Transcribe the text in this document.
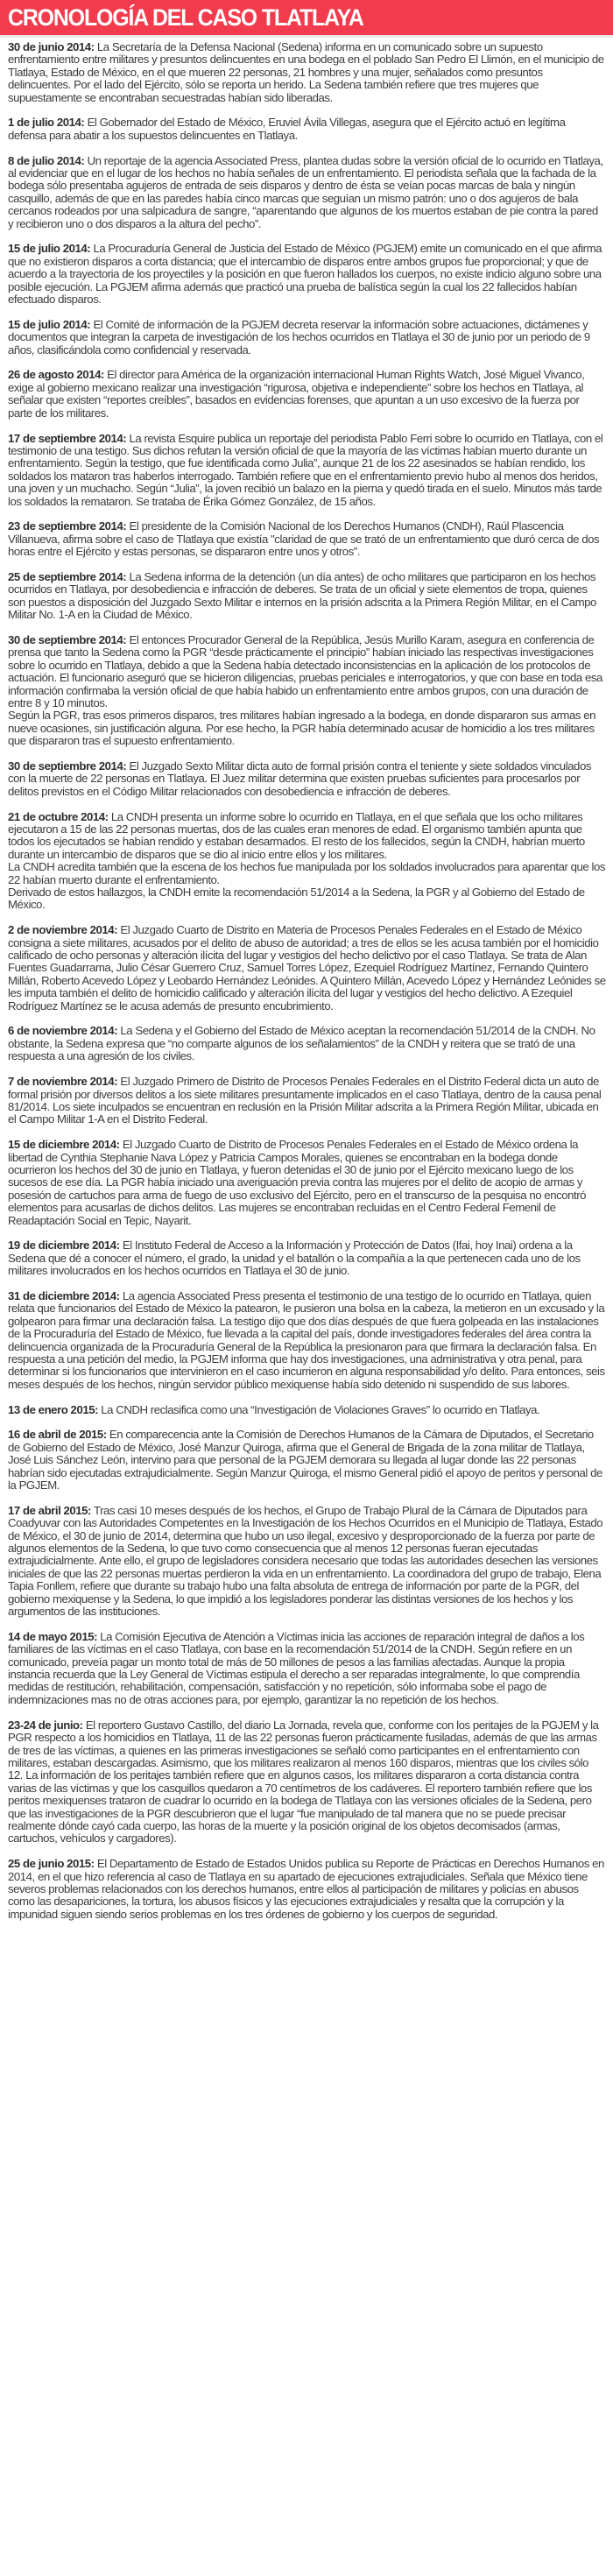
CRONOLOGÍA DEL CASO TLATLAYA

30 de junio 2014: La Secretaría de la Defensa Nacional (Sedena) informa en un comunicado sobre un supuesto enfrentamiento entre militares y presuntos delincuentes en una bodega en el poblado San Pedro El Llimón, en el municipio de Tlatlaya, Estado de México, en el que mueren 22 personas, 21 hombres y una mujer, señalados como presuntos delincuentes. Por el lado del Ejército, sólo se reporta un herido. La Sedena también refiere que tres mujeres que supuestamente se encontraban secuestradas habían sido liberadas.

1 de julio 2014: El Gobernador del Estado de México, Eruviel Ávila Villegas, asegura que el Ejército actuó en legítima defensa para abatir a los supuestos delincuentes en Tlatlaya.

8 de julio 2014: Un reportaje de la agencia Associated Press, plantea dudas sobre la versión oficial de lo ocurrido en Tlatlaya, al evidenciar que en el lugar de los hechos no había señales de un enfrentamiento. El periodista señala que la fachada de la bodega sólo presentaba agujeros de entrada de seis disparos y dentro de ésta se veían pocas marcas de bala y ningún casquillo, además de que en las paredes había cinco marcas que seguían un mismo patrón: uno o dos agujeros de bala cercanos rodeados por una salpicadura de sangre, “aparentando que algunos de los muertos estaban de pie contra la pared y recibieron uno o dos disparos a la altura del pecho”.

15 de julio 2014: La Procuraduría General de Justicia del Estado de México (PGJEM) emite un comunicado en el que afirma que no existieron disparos a corta distancia; que el intercambio de disparos entre ambos grupos fue proporcional; y que de acuerdo a la trayectoria de los proyectiles y la posición en que fueron hallados los cuerpos, no existe indicio alguno sobre una posible ejecución. La PGJEM afirma además que practicó una prueba de balística según la cual los 22 fallecidos habían efectuado disparos.

15 de julio 2014: El Comité de información de la PGJEM decreta reservar la información sobre actuaciones, dictámenes y documentos que integran la carpeta de investigación de los hechos ocurridos en Tlatlaya el 30 de junio por un periodo de 9 años, clasificándola como confidencial y reservada.

26 de agosto 2014: El director para América de la organización internacional Human Rights Watch, José Miguel Vivanco, exige al gobierno mexicano realizar una investigación “rigurosa, objetiva e independiente” sobre los hechos en Tlatlaya, al señalar que existen “reportes creíbles”, basados en evidencias forenses, que apuntan a un uso excesivo de la fuerza por parte de los militares.

17 de septiembre 2014: La revista Esquire publica un reportaje del periodista Pablo Ferri sobre lo ocurrido en Tlatlaya, con el testimonio de una testigo. Sus dichos refutan la versión oficial de que la mayoría de las víctimas habían muerto durante un enfrentamiento. Según la testigo, que fue identificada como Julia”, aunque 21 de los 22 asesinados se habían rendido, los soldados los mataron tras haberlos interrogado. También refiere que en el enfrentamiento previo hubo al menos dos heridos, una joven y un muchacho. Según “Julia”, la joven recibió un balazo en la pierna y quedó tirada en el suelo. Minutos más tarde los soldados la remataron. Se trataba de Érika Gómez González, de 15 años.

23 de septiembre 2014: El presidente de la Comisión Nacional de los Derechos Humanos (CNDH), Raúl Plascencia Villanueva, afirma sobre el caso de Tlatlaya que existía "claridad de que se trató de un enfrentamiento que duró cerca de dos horas entre el Ejército y estas personas, se dispararon entre unos y otros”.

25 de septiembre 2014: La Sedena informa de la detención (un día antes) de ocho militares que participaron en los hechos ocurridos en Tlatlaya, por desobediencia e infracción de deberes. Se trata de un oficial y siete elementos de tropa, quienes son puestos a disposición del Juzgado Sexto Militar e internos en la prisión adscrita a la Primera Región Militar, en el Campo Militar No. 1-A en la Ciudad de México.

30 de septiembre 2014: El entonces Procurador General de la República, Jesús Murillo Karam, asegura en conferencia de prensa que tanto la Sedena como la PGR “desde prácticamente el principio” habían iniciado las respectivas investigaciones sobre lo ocurrido en Tlatlaya, debido a que la Sedena había detectado inconsistencias en la aplicación de los protocolos de actuación. El funcionario aseguró que se hicieron diligencias, pruebas periciales e interrogatorios, y que con base en toda esa información confirmaba la versión oficial de que había habido un enfrentamiento entre ambos grupos, con una duración de entre 8 y 10 minutos.
Según la PGR, tras esos primeros disparos, tres militares habían ingresado a la bodega, en donde dispararon sus armas en nueve ocasiones, sin justificación alguna. Por ese hecho, la PGR había determinado acusar de homicidio a los tres militares que dispararon tras el supuesto enfrentamiento.

30 de septiembre 2014: El Juzgado Sexto Militar dicta auto de formal prisión contra el teniente y siete soldados vinculados con la muerte de 22 personas en Tlatlaya. El Juez militar determina que existen pruebas suficientes para procesarlos por delitos previstos en el Código Militar relacionados con desobediencia e infracción de deberes.

21 de octubre 2014: La CNDH presenta un informe sobre lo ocurrido en Tlatlaya, en el que señala que los ocho militares ejecutaron a 15 de las 22 personas muertas, dos de las cuales eran menores de edad. El organismo también apunta que todos los ejecutados se habían rendido y estaban desarmados. El resto de los fallecidos, según la CNDH, habrían muerto durante un intercambio de disparos que se dio al inicio entre ellos y los militares.
La CNDH acredita también que la escena de los hechos fue manipulada por los soldados involucrados para aparentar que los 22 habían muerto durante el enfrentamiento.
Derivado de estos hallazgos, la CNDH emite la recomendación 51/2014 a la Sedena, la PGR y al Gobierno del Estado de México.

2 de noviembre 2014: El Juzgado Cuarto de Distrito en Materia de Procesos Penales Federales en el Estado de México consigna a siete militares, acusados por el delito de abuso de autoridad; a tres de ellos se les acusa también por el homicidio calificado de ocho personas y alteración ilícita del lugar y vestigios del hecho delictivo por el caso Tlatlaya. Se trata de Alan Fuentes Guadarrama, Julio César Guerrero Cruz, Samuel Torres López, Ezequiel Rodríguez Martínez, Fernando Quintero Millán, Roberto Acevedo López y Leobardo Hernández Leónides. A Quintero Millán, Acevedo López y Hernández Leónides se les imputa también el delito de homicidio calificado y alteración ilícita del lugar y vestigios del hecho delictivo. A Ezequiel Rodríguez Martínez se le acusa además de presunto encubrimiento.

6 de noviembre 2014: La Sedena y el Gobierno del Estado de México aceptan la recomendación 51/2014 de la CNDH. No obstante, la Sedena expresa que “no comparte algunos de los señalamientos” de la CNDH y reitera que se trató de una respuesta a una agresión de los civiles.

7 de noviembre 2014: El Juzgado Primero de Distrito de Procesos Penales Federales en el Distrito Federal dicta un auto de formal prisión por diversos delitos a los siete militares presuntamente implicados en el caso Tlatlaya, dentro de la causa penal 81/2014. Los siete inculpados se encuentran en reclusión en la Prisión Militar adscrita a la Primera Región Militar, ubicada en el Campo Militar 1-A en el Distrito Federal.

15 de diciembre 2014: El Juzgado Cuarto de Distrito de Procesos Penales Federales en el Estado de México ordena la libertad de Cynthia Stephanie Nava López y Patricia Campos Morales, quienes se encontraban en la bodega donde ocurrieron los hechos del 30 de junio en Tlatlaya, y fueron detenidas el 30 de junio por el Ejército mexicano luego de los sucesos de ese día. La PGR había iniciado una averiguación previa contra las mujeres por el delito de acopio de armas y posesión de cartuchos para arma de fuego de uso exclusivo del Ejército, pero en el transcurso de la pesquisa no encontró elementos para acusarlas de dichos delitos. Las mujeres se encontraban recluidas en el Centro Federal Femenil de Readaptación Social en Tepic, Nayarit.

19 de diciembre 2014: El Instituto Federal de Acceso a la Información y Protección de Datos (Ifai, hoy Inai) ordena a la Sedena que dé a conocer el número, el grado, la unidad y el batallón o la compañía a la que pertenecen cada uno de los militares involucrados en los hechos ocurridos en Tlatlaya el 30 de junio.

31 de diciembre 2014: La agencia Associated Press presenta el testimonio de una testigo de lo ocurrido en Tlatlaya, quien relata que funcionarios del Estado de México la patearon, le pusieron una bolsa en la cabeza, la metieron en un excusado y la golpearon para firmar una declaración falsa. La testigo dijo que dos días después de que fuera golpeada en las instalaciones de la Procuraduría del Estado de México, fue llevada a la capital del país, donde investigadores federales del área contra la delincuencia organizada de la Procuraduría General de la República la presionaron para que firmara la declaración falsa. En respuesta a una petición del medio, la PGJEM informa que hay dos investigaciones, una administrativa y otra penal, para determinar si los funcionarios que intervinieron en el caso incurrieron en alguna responsabilidad y/o delito. Para entonces, seis meses después de los hechos, ningún servidor público mexiquense había sido detenido ni suspendido de sus labores.

13 de enero 2015: La CNDH reclasifica como una “Investigación de Violaciones Graves” lo ocurrido en Tlatlaya.

16 de abril de 2015: En comparecencia ante la Comisión de Derechos Humanos de la Cámara de Diputados, el Secretario de Gobierno del Estado de México, José Manzur Quiroga, afirma que el General de Brigada de la zona militar de Tlatlaya, José Luis Sánchez León, intervino para que personal de la PGJEM demorara su llegada al lugar donde las 22 personas habrían sido ejecutadas extrajudicialmente. Según Manzur Quiroga, el mismo General pidió el apoyo de peritos y personal de la PGJEM.

17 de abril 2015: Tras casi 10 meses después de los hechos, el Grupo de Trabajo Plural de la Cámara de Diputados para Coadyuvar con las Autoridades Competentes en la Investigación de los Hechos Ocurridos en el Municipio de Tlatlaya, Estado de México, el 30 de junio de 2014, determina que hubo un uso ilegal, excesivo y desproporcionado de la fuerza por parte de algunos elementos de la Sedena, lo que tuvo como consecuencia que al menos 12 personas fueran ejecutadas extrajudicialmente. Ante ello, el grupo de legisladores considera necesario que todas las autoridades desechen las versiones iniciales de que las 22 personas muertas perdieron la vida en un enfrentamiento. La coordinadora del grupo de trabajo, Elena Tapia Fonllem, refiere que durante su trabajo hubo una falta absoluta de entrega de información por parte de la PGR, del gobierno mexiquense y la Sedena, lo que impidió a los legisladores ponderar las distintas versiones de los hechos y los argumentos de las instituciones.

14 de mayo 2015: La Comisión Ejecutiva de Atención a Víctimas inicia las acciones de reparación integral de daños a los familiares de las víctimas en el caso Tlatlaya, con base en la recomendación 51/2014 de la CNDH. Según refiere en un comunicado, preveía pagar un monto total de más de 50 millones de pesos a las familias afectadas. Aunque la propia instancia recuerda que la Ley General de Víctimas estipula el derecho a ser reparadas integralmente, lo que comprendía medidas de restitución, rehabilitación, compensación, satisfacción y no repetición, sólo informaba sobe el pago de indemnizaciones mas no de otras acciones para, por ejemplo, garantizar la no repetición de los hechos.

23-24 de junio: El reportero Gustavo Castillo, del diario La Jornada, revela que, conforme con los peritajes de la PGJEM y la PGR respecto a los homicidios en Tlatlaya, 11 de las 22 personas fueron prácticamente fusiladas, además de que las armas de tres de las víctimas, a quienes en las primeras investigaciones se señaló como participantes en el enfrentamiento con militares, estaban descargadas. Asimismo, que los militares realizaron al menos 160 disparos, mientras que los civiles sólo 12. La información de los peritajes también refiere que en algunos casos, los militares dispararon a corta distancia contra varias de las víctimas y que los casquillos quedaron a 70 centímetros de los cadáveres. El reportero también refiere que los peritos mexiquenses trataron de cuadrar lo ocurrido en la bodega de Tlatlaya con las versiones oficiales de la Sedena, pero que las investigaciones de la PGR descubrieron que el lugar “fue manipulado de tal manera que no se puede precisar realmente dónde cayó cada cuerpo, las horas de la muerte y la posición original de los objetos decomisados (armas, cartuchos, vehículos y cargadores).

25 de junio 2015: El Departamento de Estado de Estados Unidos publica su Reporte de Prácticas en Derechos Humanos en 2014, en el que hizo referencia al caso de Tlatlaya en su apartado de ejecuciones extrajudiciales. Señala que México tiene severos problemas relacionados con los derechos humanos, entre ellos al participación de militares y policías en abusos como las desapariciones, la tortura, los abusos físicos y las ejecuciones extrajudiciales y resalta que la corrupción y la impunidad siguen siendo serios problemas en los tres órdenes de gobierno y los cuerpos de seguridad.
